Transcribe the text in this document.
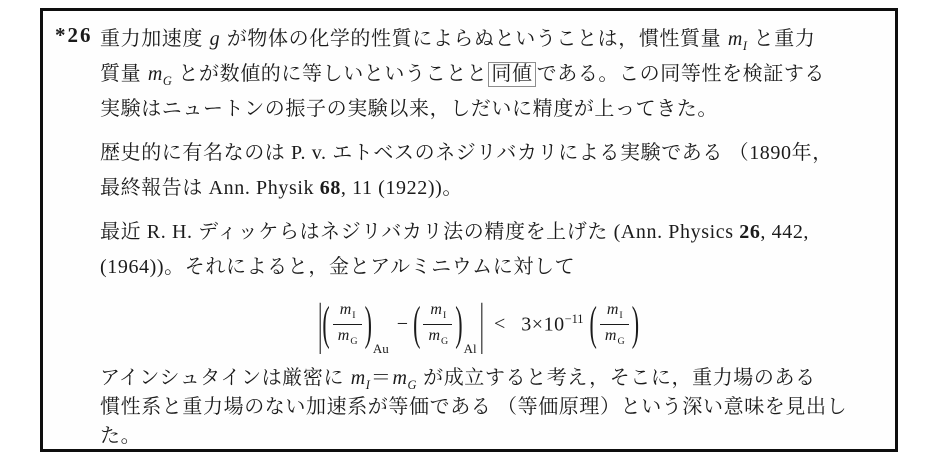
*26 重力加速度 g が物体の化学的性質によらぬということは，慣性質量 $m_I$ と重力
質量 $m_G$ とが数値的に等しいということと 同値 である。この同等性を検証する
実験はニュートンの振子の実験以来，しだいに精度が上ってきた。
歴史的に有名なのは P. v. エトベスのネジリバカリによる実験である （1890年，
最終報告は Ann. Physik 68, 11 (1922))。
最近 R. H. ディッケらはネジリバカリ法の精度を上げた (Ann. Physics 26, 442,
(1964))。それによると，金とアルミニウムに対して
| ( $\frac{m_I}{m_G}$ ) Au
− ( $\frac{m_I}{m_G}$ ) Al | < $3\times 10^{-11}$ ( $\frac{m_I}{m_G}$ )
アインシュタインは厳密に $m_I=m_G$ が成立すると考え，そこに，重力場のある
慣性系と重力場のない加速系が等価である （等価原理）という深い意味を見出し
た。
